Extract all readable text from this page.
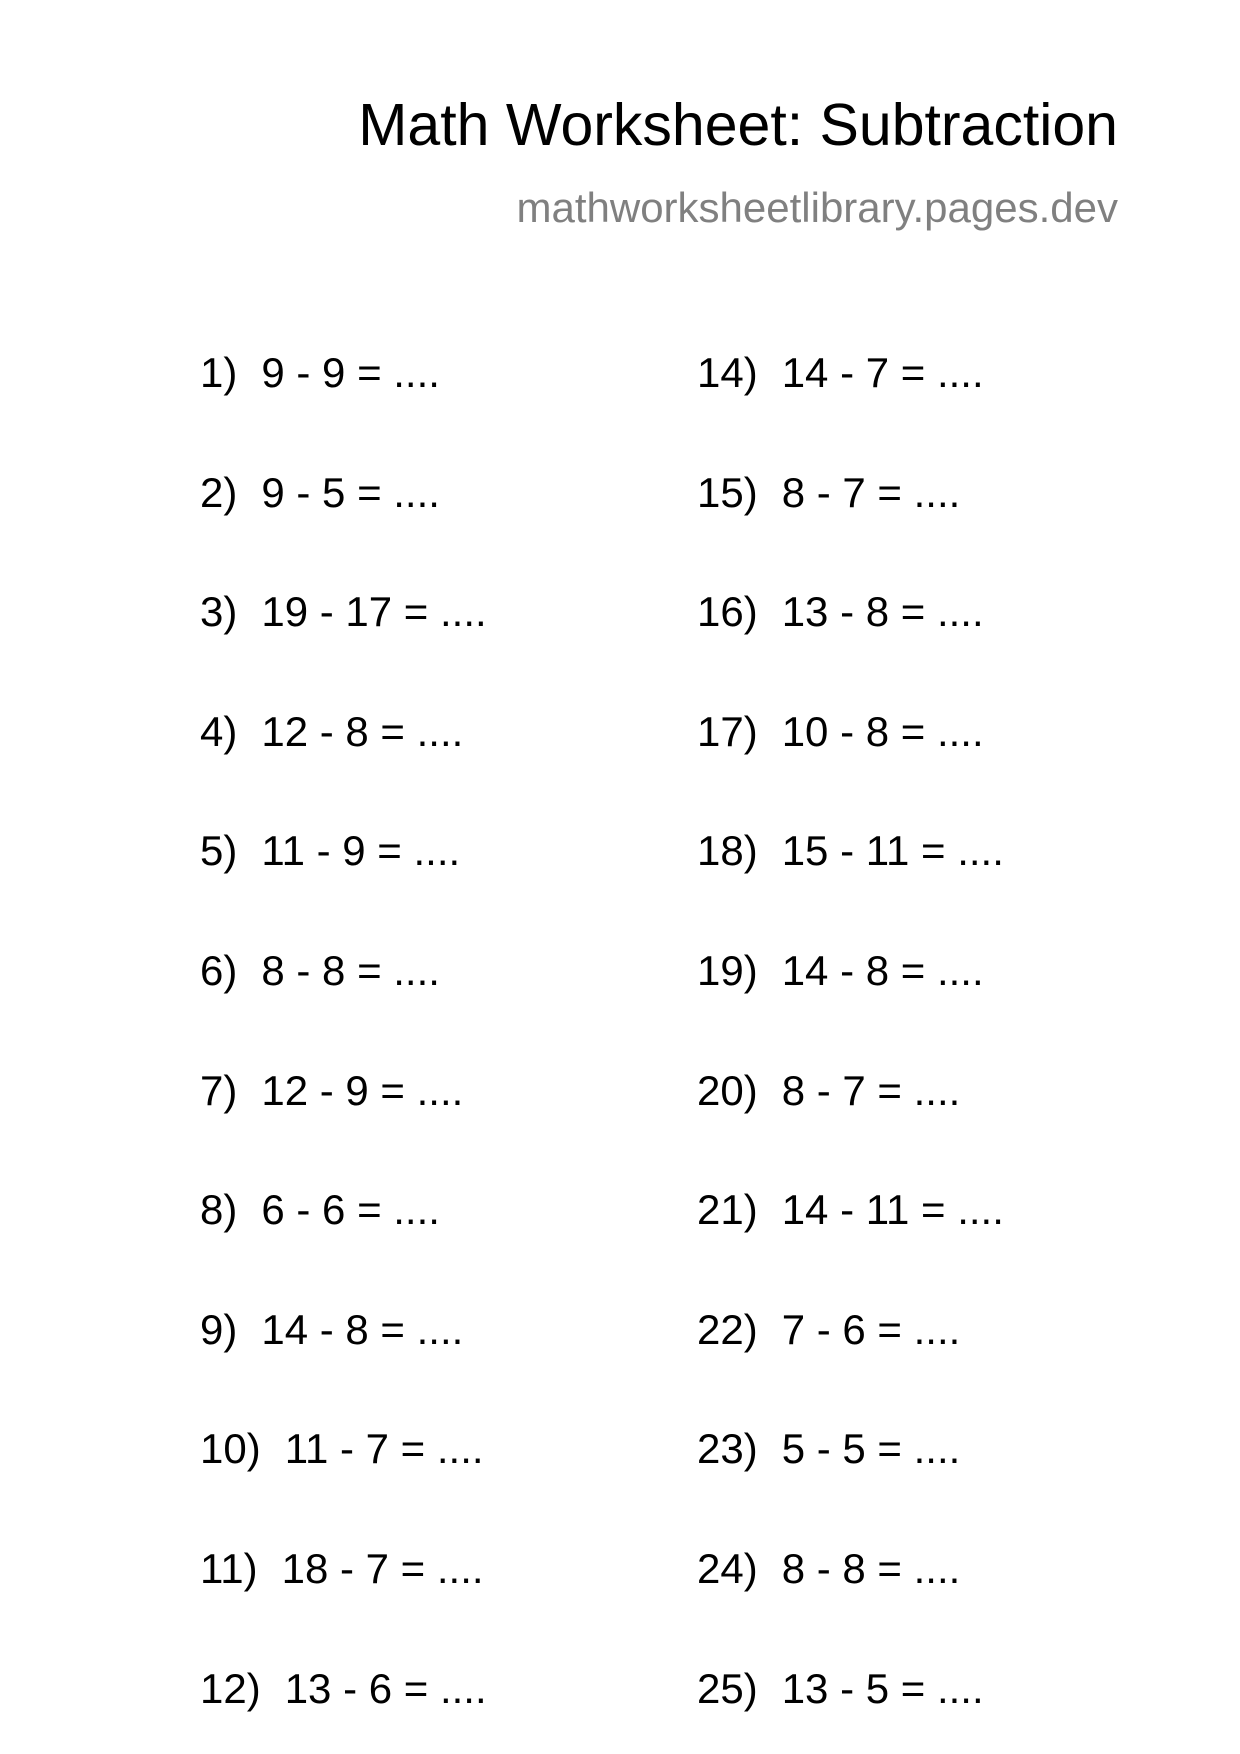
Math Worksheet: Subtraction
mathworksheetlibrary.pages.dev
1) 9 - 9 = ....
2) 9 - 5 = ....
3) 19 - 17 = ....
4) 12 - 8 = ....
5) 11 - 9 = ....
6) 8 - 8 = ....
7) 12 - 9 = ....
8) 6 - 6 = ....
9) 14 - 8 = ....
10) 11 - 7 = ....
11) 18 - 7 = ....
12) 13 - 6 = ....
14) 14 - 7 = ....
15) 8 - 7 = ....
16) 13 - 8 = ....
17) 10 - 8 = ....
18) 15 - 11 = ....
19) 14 - 8 = ....
20) 8 - 7 = ....
21) 14 - 11 = ....
22) 7 - 6 = ....
23) 5 - 5 = ....
24) 8 - 8 = ....
25) 13 - 5 = ....
